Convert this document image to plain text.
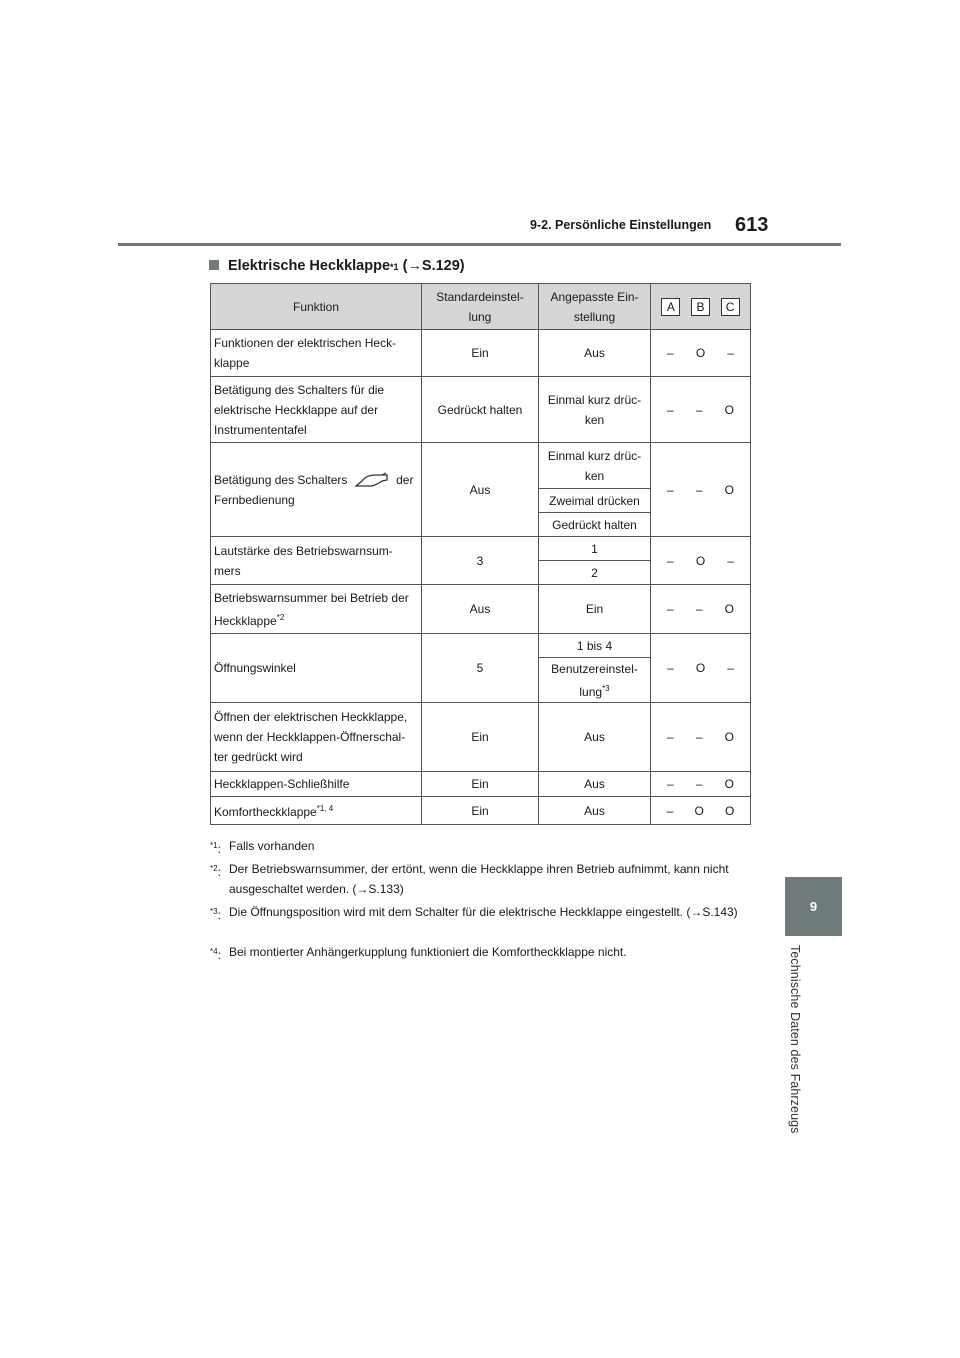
9-2. Persönliche Einstellungen 613
9
Technische Daten des Fahrzeugs
Elektrische Heckklappe *1
(→S.129)
Funktion	Standardeinstel-lung	Angepasste Ein-stellung	A B C

Funktionen der elektrischen Heck-klappe	Ein	Aus	– O –

Betätigung des Schalters für die elektrische Heckklappe auf der Instrumententafel	Gedrückt halten	Einmal kurz drüc-ken	– – O

Betätigung des Schalters der Fernbedienung	Aus	Einmal kurz drüc-ken	– – O

		Zweimal drücken	
		Gedrückt halten	
Lautstärke des Betriebswarnsum-mers	3	1	– O –

		2	
Betriebswarnsummer bei Betrieb der Heckklappe$^{*2}$	Aus	Ein	– – O

Öffnungswinkel	5	1 bis 4	– O –

		Benutzereinstel-lung$^{*3}$
Öffnen der elektrischen Heckklappe, wenn der Heckklappen-Öffnerschal-ter gedrückt wird	Ein	Aus	– – O

Heckklappen-Schließhilfe	Ein	Aus	– – O

Komfortheckklappe$^{*1, 4}$	Ein	Aus	– O O
$^{*1}$: Falls vorhanden
$^{*2}$: Der Betriebswarnsummer, der ertönt, wenn die Heckklappe ihren Betrieb aufnimmt, kann nicht ausgeschaltet werden. (→S.133)
$^{*3}$: Die Öffnungsposition wird mit dem Schalter für die elektrische Heckklappe eingestellt. (→S.143)
$^{*4}$: Bei montierter Anhängerkupplung funktioniert die Komfortheckklappe nicht.
